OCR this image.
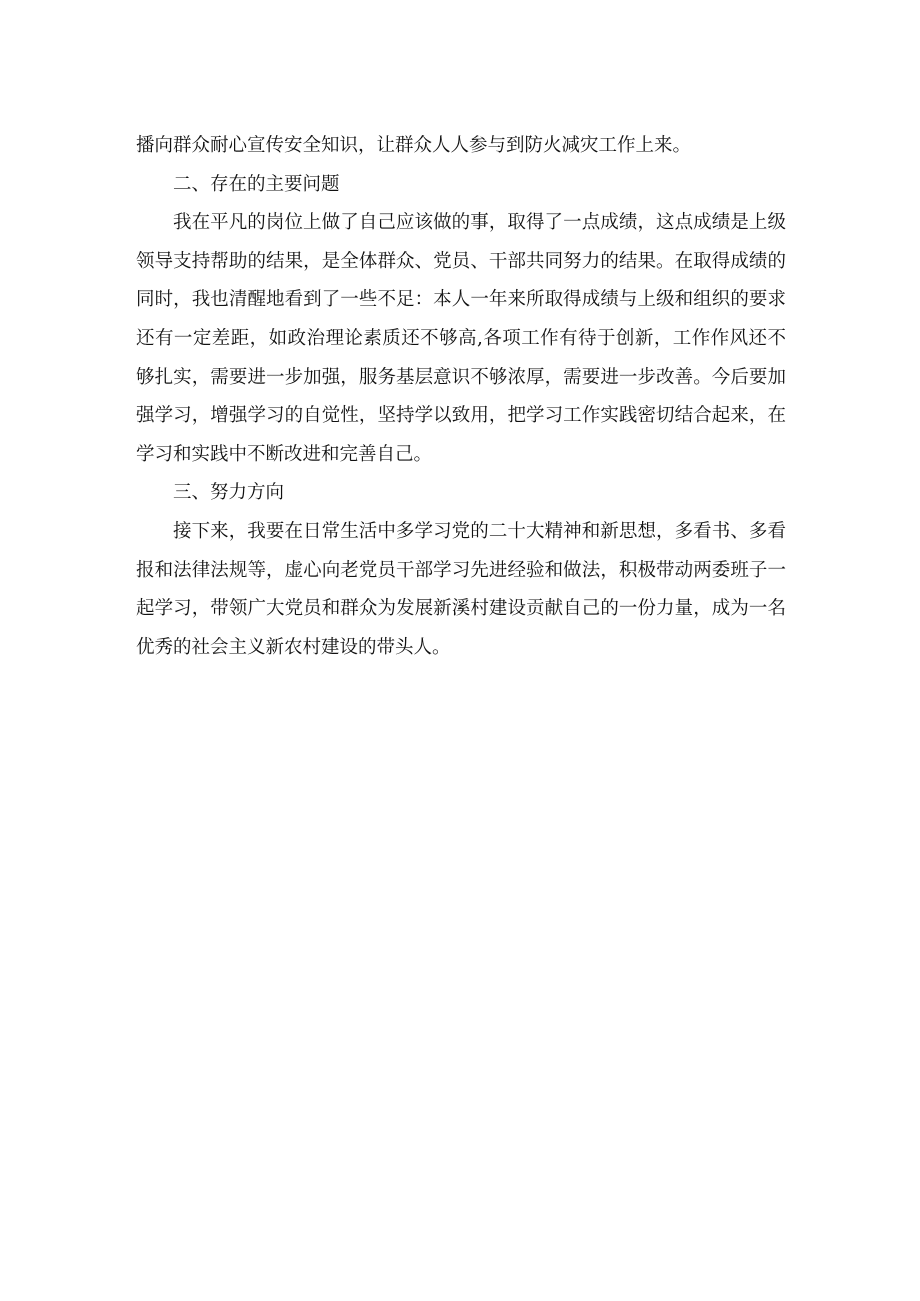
播向群众耐心宣传安全知识，让群众人人参与到防火减灾工作上来。

二、存在的主要问题

我在平凡的岗位上做了自己应该做的事，取得了一点成绩，这点成绩是上级领导支持帮助的结果，是全体群众、党员、干部共同努力的结果。在取得成绩的同时，我也清醒地看到了一些不足：本人一年来所取得成绩与上级和组织的要求还有一定差距，如政治理论素质还不够高,各项工作有待于创新，工作作风还不够扎实，需要进一步加强，服务基层意识不够浓厚，需要进一步改善。今后要加强学习，增强学习的自觉性，坚持学以致用，把学习工作实践密切结合起来，在学习和实践中不断改进和完善自己。

三、努力方向

接下来，我要在日常生活中多学习党的二十大精神和新思想，多看书、多看报和法律法规等，虚心向老党员干部学习先进经验和做法，积极带动两委班子一起学习，带领广大党员和群众为发展新溪村建设贡献自己的一份力量，成为一名优秀的社会主义新农村建设的带头人。
